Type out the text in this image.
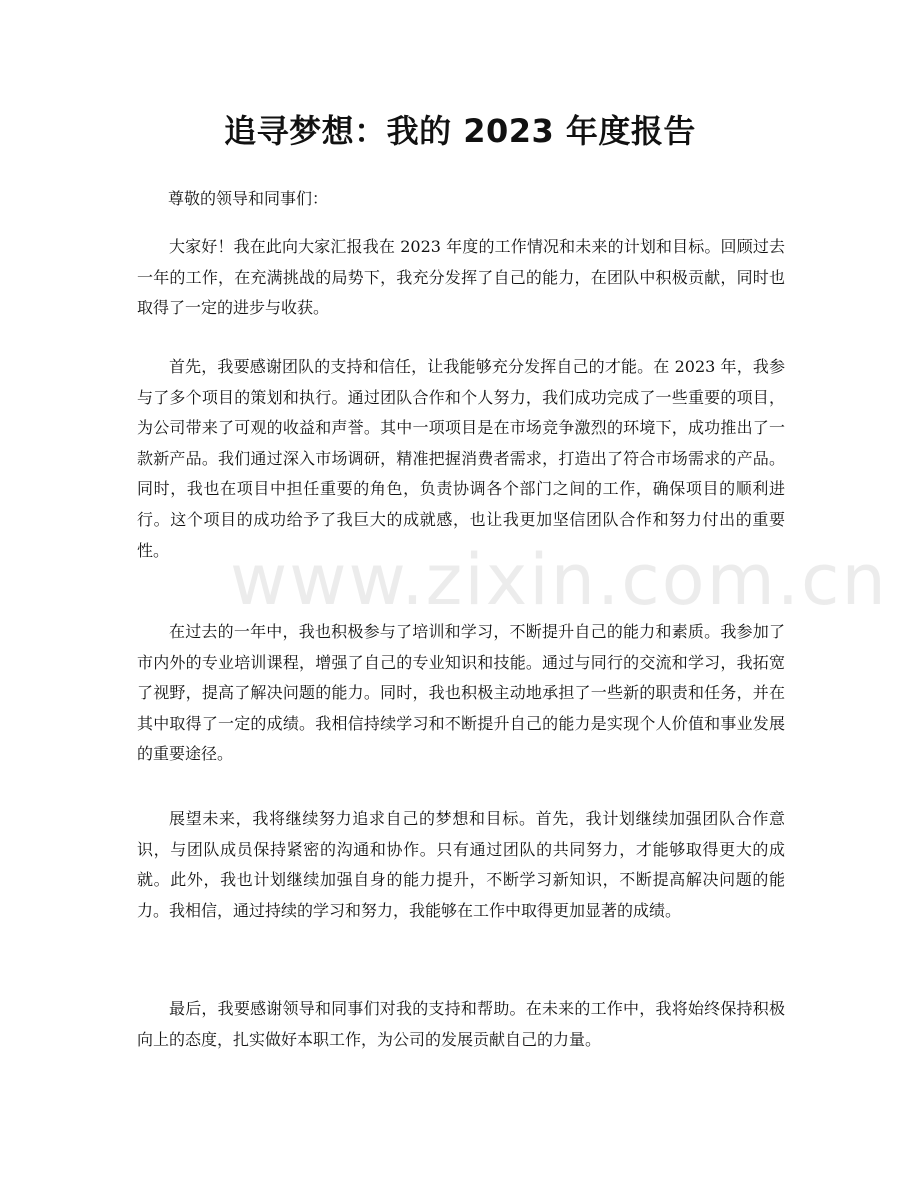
追寻梦想：我的 2023 年度报告
尊敬的领导和同事们：

大家好！我在此向大家汇报我在 2023 年度的工作情况和未来的计划和目标。回顾过去一年的工作，在充满挑战的局势下，我充分发挥了自己的能力，在团队中积极贡献，同时也取得了一定的进步与收获。

首先，我要感谢团队的支持和信任，让我能够充分发挥自己的才能。在 2023 年，我参与了多个项目的策划和执行。通过团队合作和个人努力，我们成功完成了一些重要的项目，为公司带来了可观的收益和声誉。其中一项项目是在市场竞争激烈的环境下，成功推出了一款新产品。我们通过深入市场调研，精准把握消费者需求，打造出了符合市场需求的产品。同时，我也在项目中担任重要的角色，负责协调各个部门之间的工作，确保项目的顺利进行。这个项目的成功给予了我巨大的成就感，也让我更加坚信团队合作和努力付出的重要性。

在过去的一年中，我也积极参与了培训和学习，不断提升自己的能力和素质。我参加了市内外的专业培训课程，增强了自己的专业知识和技能。通过与同行的交流和学习，我拓宽了视野，提高了解决问题的能力。同时，我也积极主动地承担了一些新的职责和任务，并在其中取得了一定的成绩。我相信持续学习和不断提升自己的能力是实现个人价值和事业发展的重要途径。

展望未来，我将继续努力追求自己的梦想和目标。首先，我计划继续加强团队合作意识，与团队成员保持紧密的沟通和协作。只有通过团队的共同努力，才能够取得更大的成就。此外，我也计划继续加强自身的能力提升，不断学习新知识，不断提高解决问题的能力。我相信，通过持续的学习和努力，我能够在工作中取得更加显著的成绩。

最后，我要感谢领导和同事们对我的支持和帮助。在未来的工作中，我将始终保持积极向上的态度，扎实做好本职工作，为公司的发展贡献自己的力量。

www.zixin.com.cn
